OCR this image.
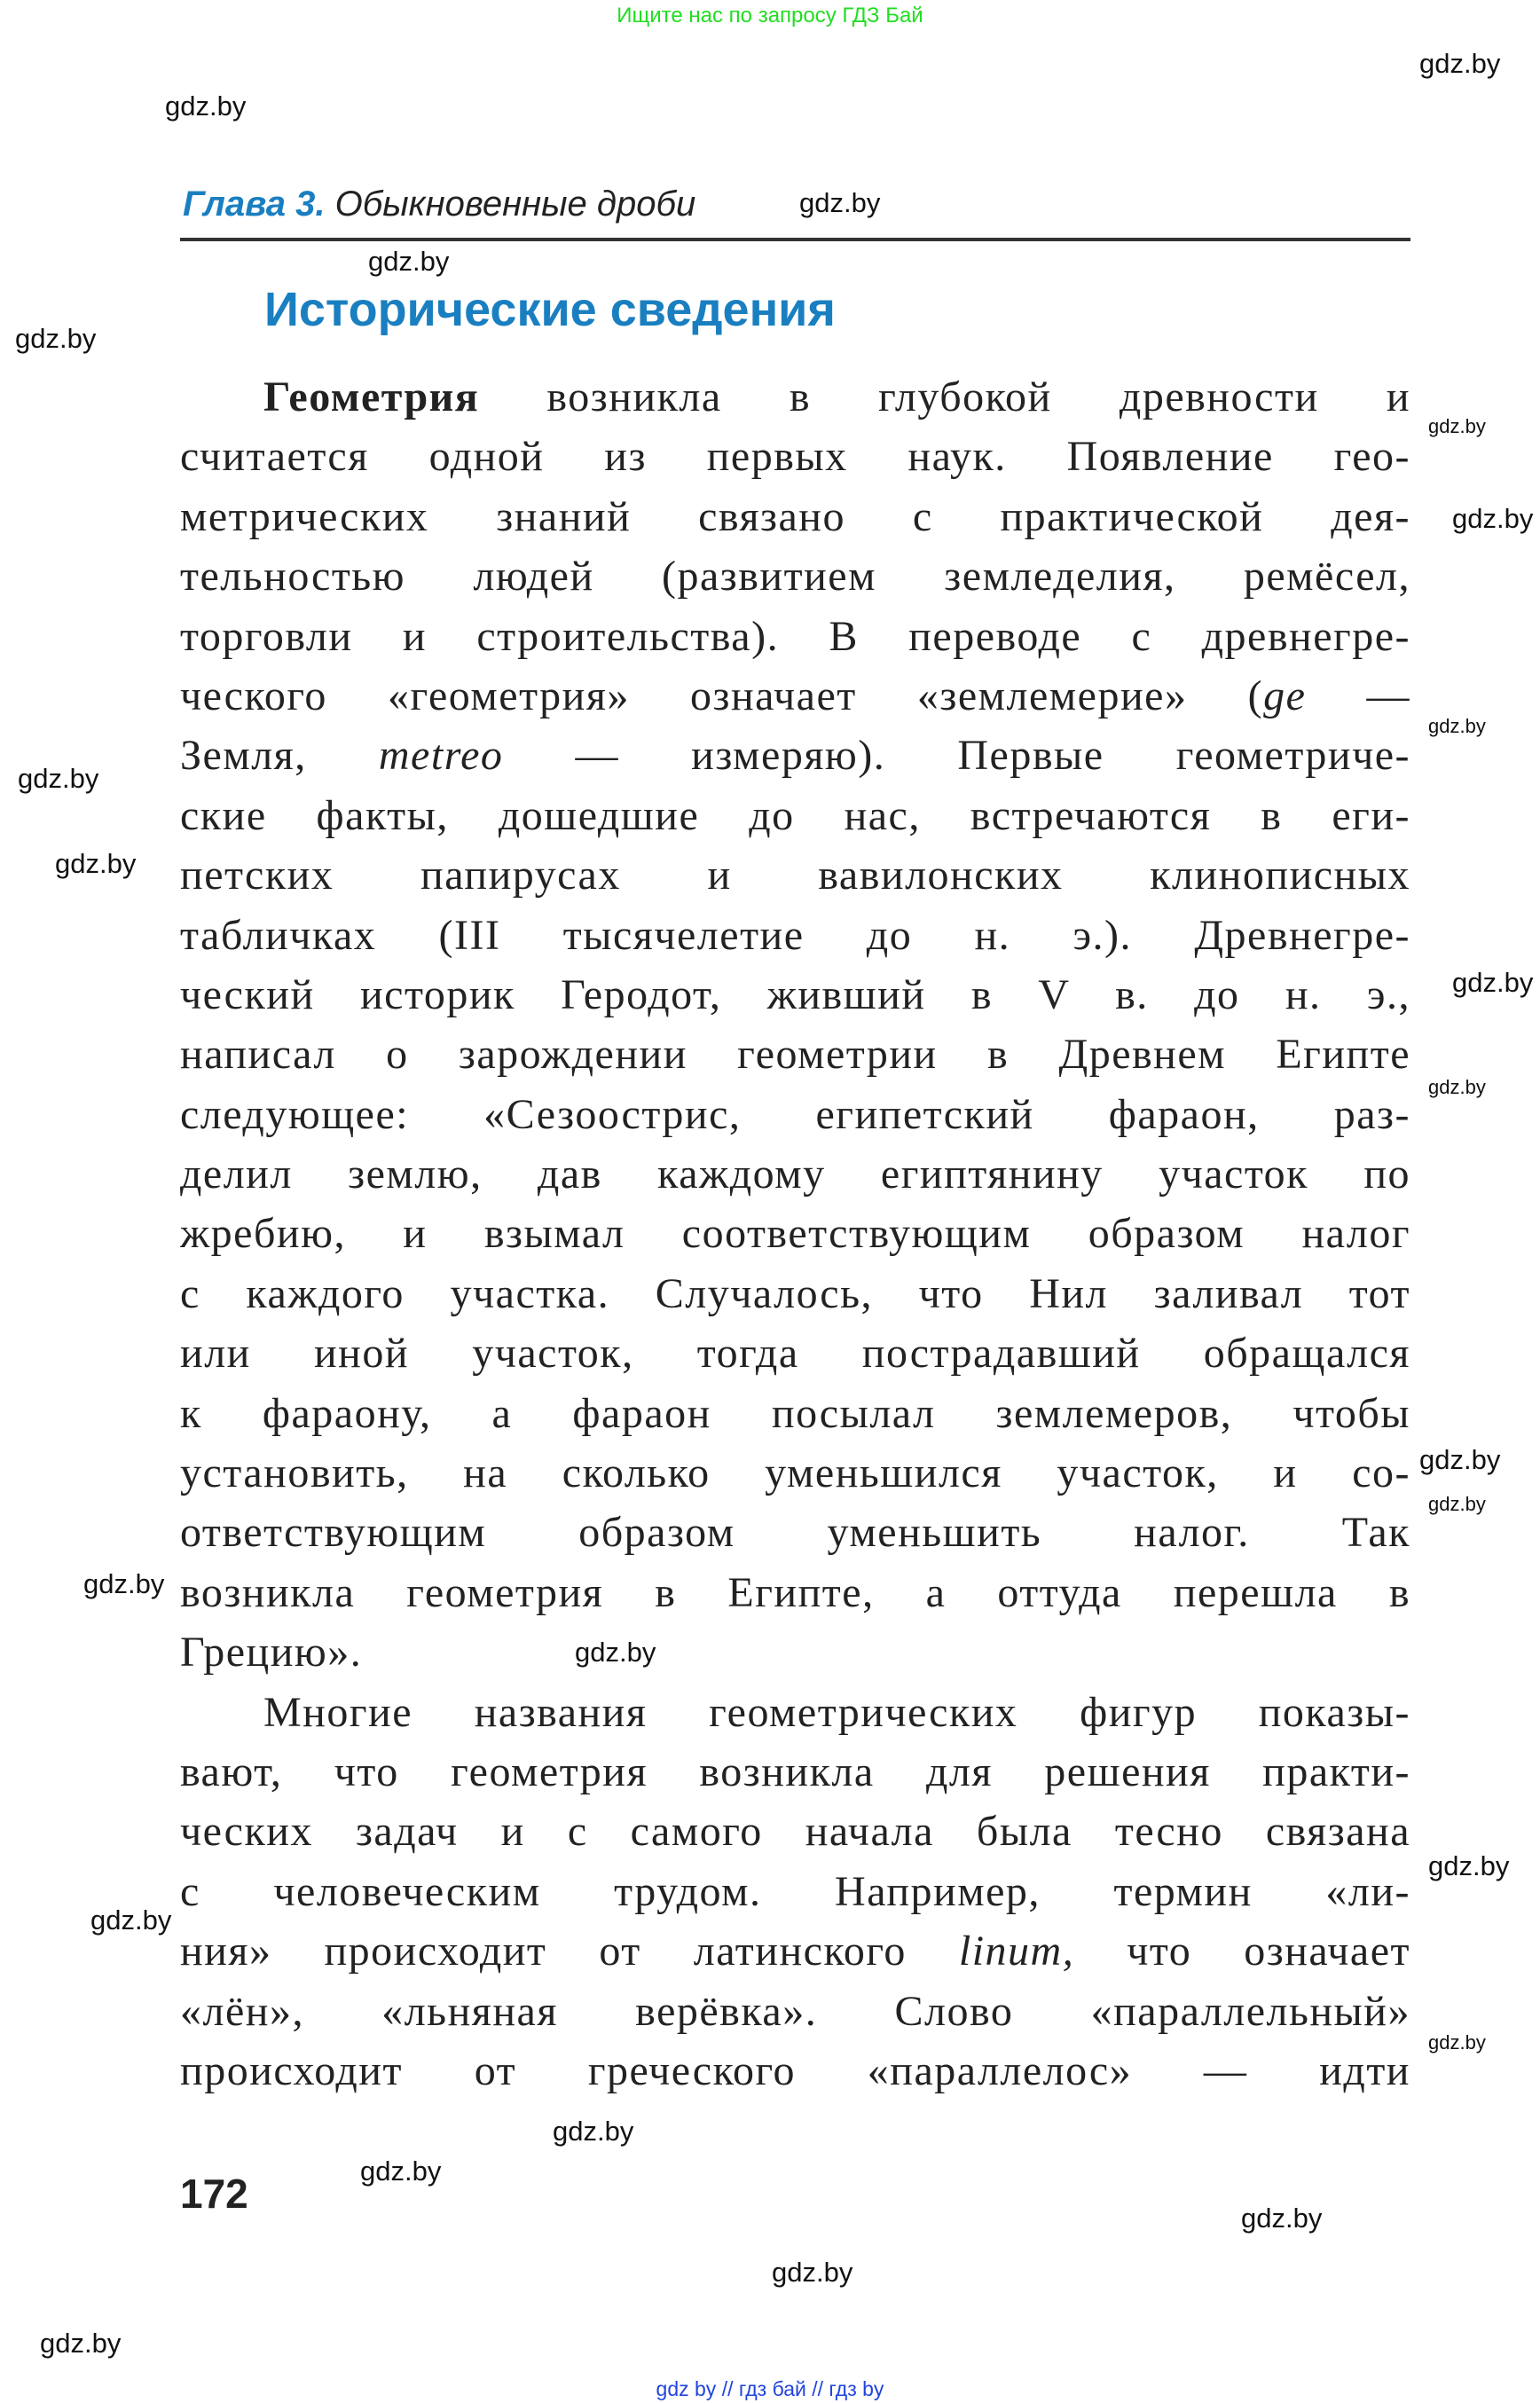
Ищите нас по запросу ГДЗ Бай
Глава 3. Обыкновенные дроби
Исторические сведения
Геометрия возникла в глубокой древности и
считается одной из первых наук. Появление гео-
метрических знаний связано с практической дея-
тельностью людей (развитием земледелия, ремёсел,
торговли и строительства). В переводе с древнегре-
ческого «геометрия» означает «землемерие» (ge —
Земля, metreo — измеряю). Первые геометриче-
ские факты, дошедшие до нас, встречаются в еги-
петских папирусах и вавилонских клинописных
табличках (III тысячелетие до н. э.). Древнегре-
ческий историк Геродот, живший в V в. до н. э.,
написал о зарождении геометрии в Древнем Египте
следующее: «Сезоострис, египетский фараон, раз-
делил землю, дав каждому египтянину участок по
жребию, и взымал соответствующим образом налог
с каждого участка. Случалось, что Нил заливал тот
или иной участок, тогда пострадавший обращался
к фараону, а фараон посылал землемеров, чтобы
установить, на сколько уменьшился участок, и со-
ответствующим образом уменьшить налог. Так
возникла геометрия в Египте, а оттуда перешла в
Грецию».
Многие названия геометрических фигур показы-
вают, что геометрия возникла для решения практи-
ческих задач и с самого начала была тесно связана
с человеческим трудом. Например, термин «ли-
ния» происходит от латинского linum, что означает
«лён», «льняная верёвка». Слово «параллельный»
происходит от греческого «параллелос» — идти
172
gdz by // гдз бай // гдз by
gdz.by
gdz.by
gdz.by
gdz.by
gdz.by
gdz.by
gdz.by
gdz.by
gdz.by
gdz.by
gdz.by
gdz.by
gdz.by
gdz.by
gdz.by
gdz.by
gdz.by
gdz.by
gdz.by
gdz.by
gdz.by
gdz.by
gdz.by
gdz.by
